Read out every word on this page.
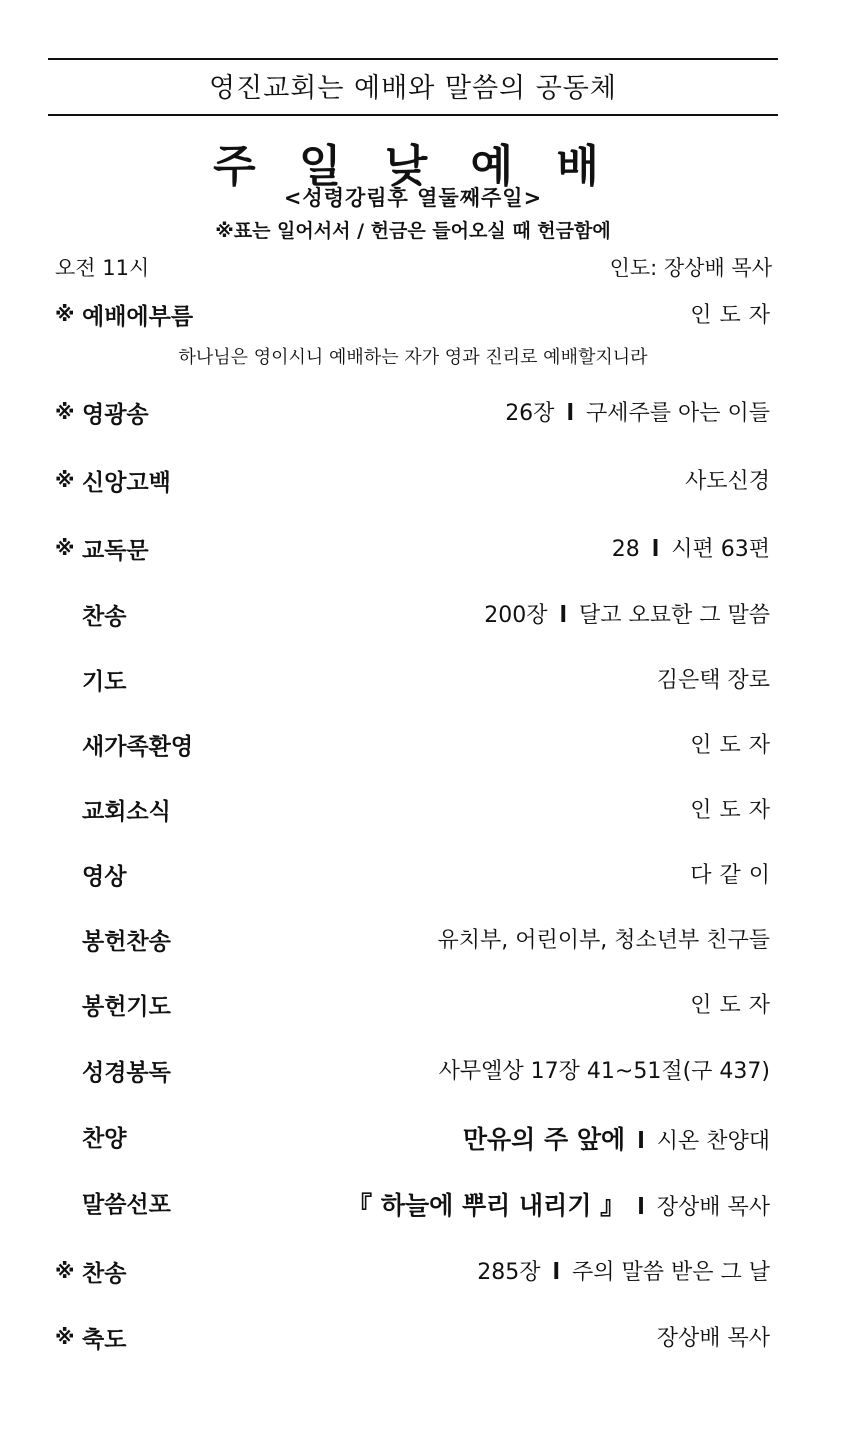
영진교회는 예배와 말씀의 공동체
주 일 낮 예 배
<성령강림후 열둘째주일>
※표는 일어서서 / 헌금은 들어오실 때 헌금함에
오전 11시	인도: 장상배 목사
※ 예배에부름	인도자
하나님은 영이시니 예배하는 자가 영과 진리로 예배할지니라
※ 영광송	26장 l 구세주를 아는 이들
※ 신앙고백	사도신경
※ 교독문	28 l 시편 63편
찬송	200장 l 달고 오묘한 그 말씀
기도	김은택 장로
새가족환영	인도자
교회소식	인도자
영상	다같이
봉헌찬송	유치부, 어린이부, 청소년부 친구들
봉헌기도	인도자
성경봉독	사무엘상 17장 41~51절(구 437)
찬양	만유의 주 앞에 l 시온 찬양대
말씀선포	『 하늘에 뿌리 내리기 』 l 장상배 목사
※ 찬송	285장 l 주의 말씀 받은 그 날
※ 축도	장상배 목사
